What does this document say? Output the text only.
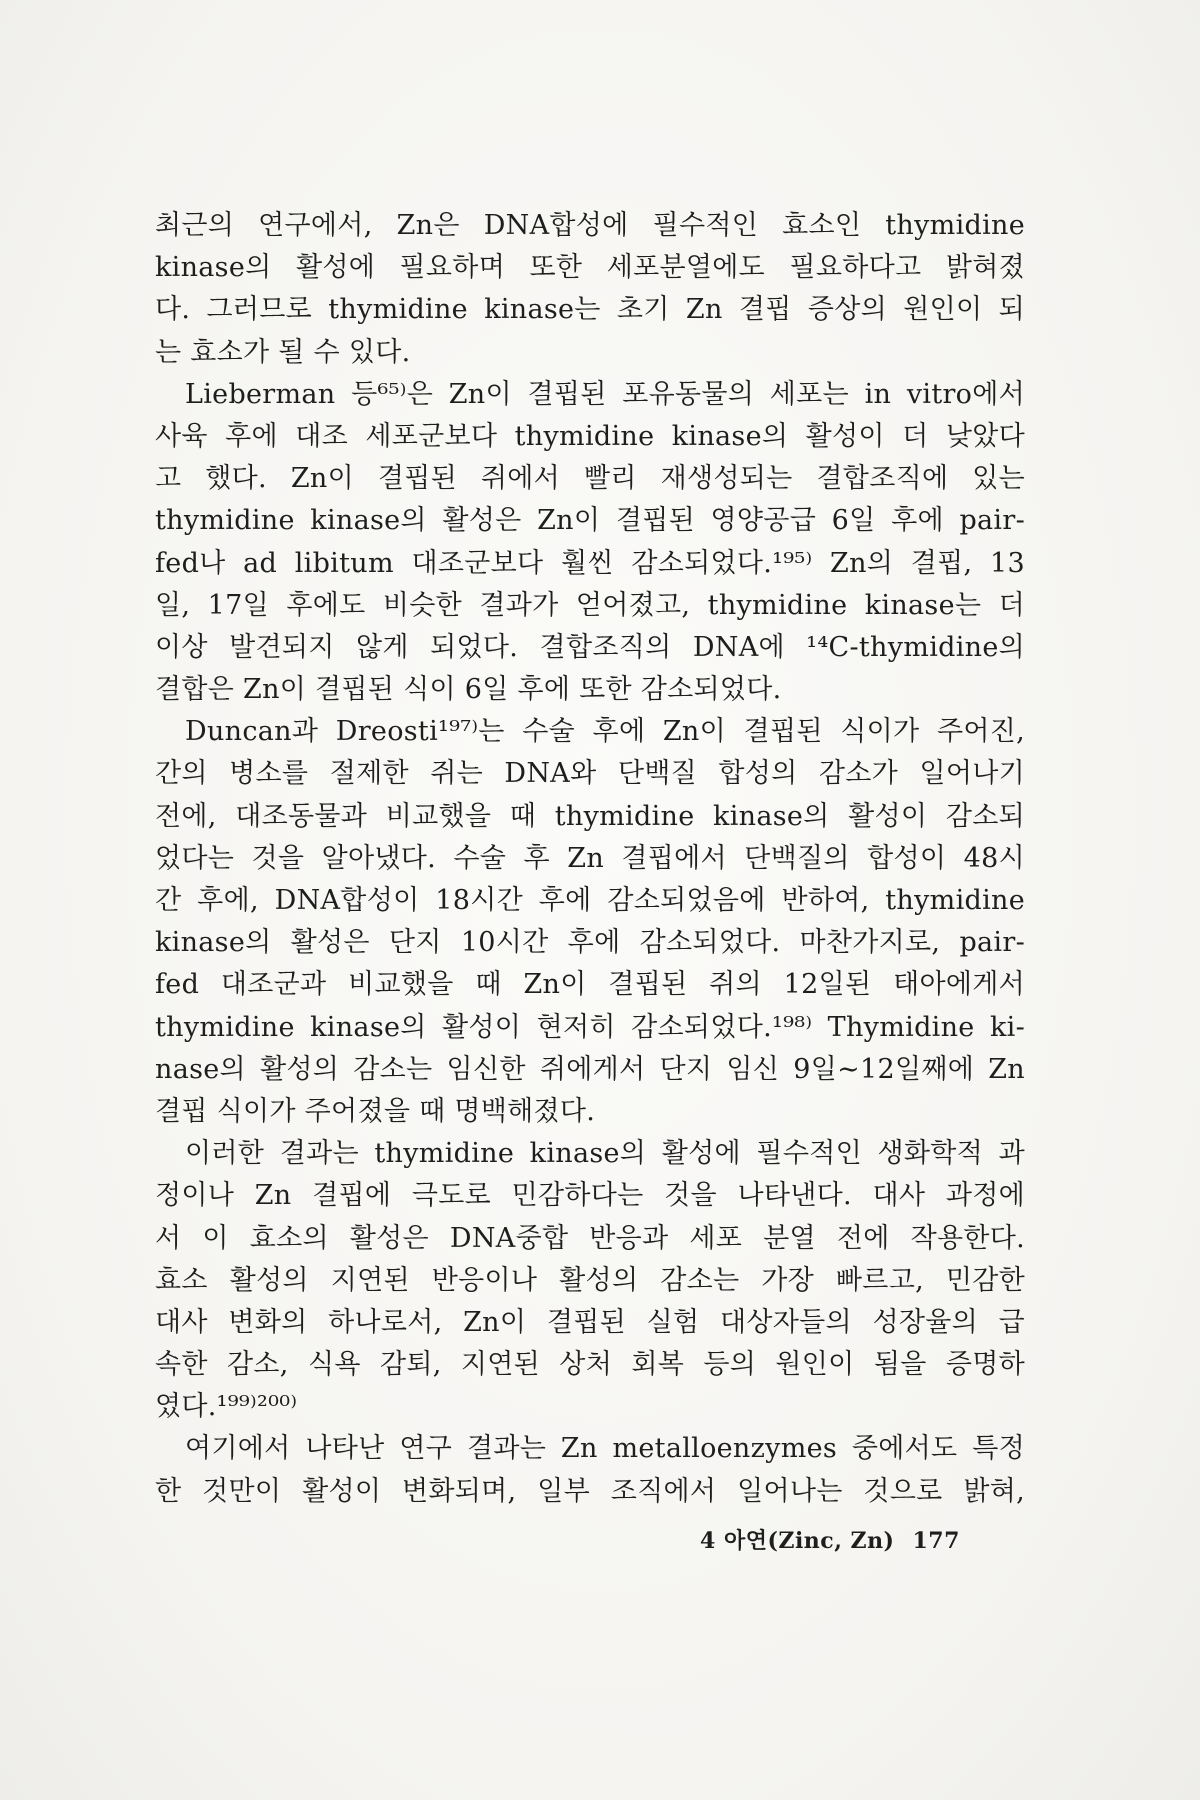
최근의 연구에서, Zn은 DNA합성에 필수적인 효소인 thymidine
kinase의 활성에 필요하며 또한 세포분열에도 필요하다고 밝혀졌
다. 그러므로 thymidine kinase는 초기 Zn 결핍 증상의 원인이 되
는 효소가 될 수 있다.
Lieberman 등⁶⁵⁾은 Zn이 결핍된 포유동물의 세포는 in vitro에서
사육 후에 대조 세포군보다 thymidine kinase의 활성이 더 낮았다
고 했다. Zn이 결핍된 쥐에서 빨리 재생성되는 결합조직에 있는
thymidine kinase의 활성은 Zn이 결핍된 영양공급 6일 후에 pair-
fed나 ad libitum 대조군보다 훨씬 감소되었다.¹⁹⁵⁾ Zn의 결핍, 13
일, 17일 후에도 비슷한 결과가 얻어졌고, thymidine kinase는 더
이상 발견되지 않게 되었다. 결합조직의 DNA에 ¹⁴C-thymidine의
결합은 Zn이 결핍된 식이 6일 후에 또한 감소되었다.
Duncan과 Dreosti¹⁹⁷⁾는 수술 후에 Zn이 결핍된 식이가 주어진,
간의 병소를 절제한 쥐는 DNA와 단백질 합성의 감소가 일어나기
전에, 대조동물과 비교했을 때 thymidine kinase의 활성이 감소되
었다는 것을 알아냈다. 수술 후 Zn 결핍에서 단백질의 합성이 48시
간 후에, DNA합성이 18시간 후에 감소되었음에 반하여, thymidine
kinase의 활성은 단지 10시간 후에 감소되었다. 마찬가지로, pair-
fed 대조군과 비교했을 때 Zn이 결핍된 쥐의 12일된 태아에게서
thymidine kinase의 활성이 현저히 감소되었다.¹⁹⁸⁾ Thymidine ki-
nase의 활성의 감소는 임신한 쥐에게서 단지 임신 9일∼12일째에 Zn
결핍 식이가 주어졌을 때 명백해졌다.
이러한 결과는 thymidine kinase의 활성에 필수적인 생화학적 과
정이나 Zn 결핍에 극도로 민감하다는 것을 나타낸다. 대사 과정에
서 이 효소의 활성은 DNA중합 반응과 세포 분열 전에 작용한다.
효소 활성의 지연된 반응이나 활성의 감소는 가장 빠르고, 민감한
대사 변화의 하나로서, Zn이 결핍된 실험 대상자들의 성장율의 급
속한 감소, 식욕 감퇴, 지연된 상처 회복 등의 원인이 됨을 증명하
였다.¹⁹⁹⁾²⁰⁰⁾
여기에서 나타난 연구 결과는 Zn metalloenzymes 중에서도 특정
한 것만이 활성이 변화되며, 일부 조직에서 일어나는 것으로 밝혀,
4 아연(Zinc, Zn) 177
